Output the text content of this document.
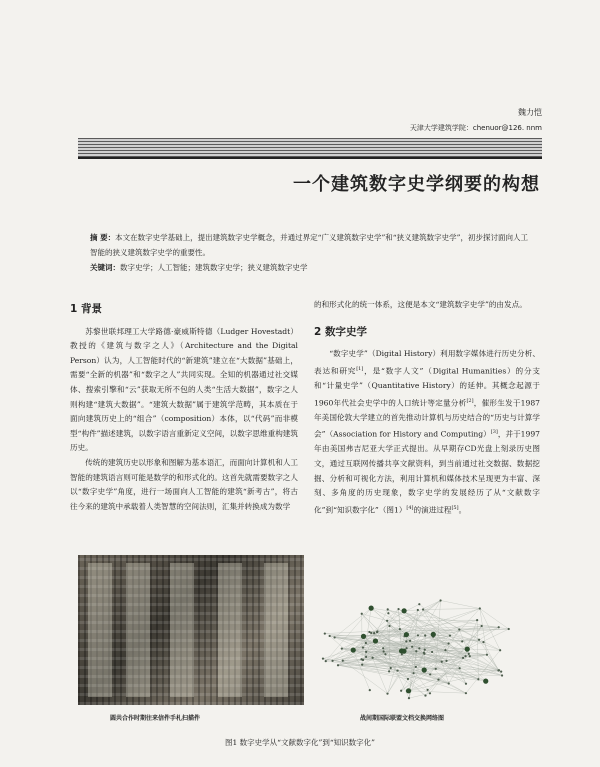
魏力恺
天津大学建筑学院：chenuor@126. nnm
一个建筑数字史学纲要的构想
摘 要：本文在数字史学基础上，提出建筑数字史学概念，并通过界定“广义建筑数字史学”和“狭义建筑数字史学”，初步探讨面向人工智能的狭义建筑数字史学的重要性。
关键词：数字史学；人工智能；建筑数字史学；狭义建筑数字史学
1 背景

苏黎世联邦理工大学路德·豪威斯特德（Ludger Hovestadt）教授的《建筑与数字之人》（Architecture and the Digital Person）认为，人工智能时代的“新建筑”建立在“大数据”基础上，需要“全新的机器”和“数字之人”共同实现。全知的机器通过社交媒体、搜索引擎和“云”获取无所不包的人类“生活大数据”，数字之人则构建“建筑大数据”。“建筑大数据”属于建筑学范畴，其本质在于面向建筑历史上的“组合”（composition）本体，以“代码”而非模型“构件”描述建筑，以数字语言重新定义空间，以数字思维重构建筑历史。

传统的建筑历史以形象和图解为基本语汇，而面向计算机和人工智能的建筑语言则可能是数学的和形式化的。这首先就需要数字之人以“数字史学”角度，进行一场面向人工智能的建筑“新考古”，将古往今来的建筑中承载着人类智慧的空间法则，汇集并转换成为数学

的和形式化的统一体系，这便是本文“建筑数字史学”的由发点。

2 数字史学

“数字史学”（Digital History）利用数字媒体进行历史分析、表达和研究[1]，是“数字人文”（Digital Humanities）的分支和“计量史学”（Quantitative History）的延伸。其概念起源于1960年代社会史学中的人口统计等定量分析[2]，催形生发于1987年美国伦敦大学建立的首先推动计算机与历史结合的“历史与计算学会”（Association for History and Computing）[3]，并于1997年由美国弗吉尼亚大学正式提出。从早期存CD光盘上刻录历史图文，通过互联网传播共享文献资料，到当前通过社交数据、数据挖掘、分析和可视化方法，利用计算机和媒体技术呈现更为丰富、深刻、多角度的历史现象，数字史学的发展经历了从“文献数字化”到“知识数字化”（图1）[4]的演进过程[5]。

圆共合作时期往来信件手札扫描件	战间期国际联盟文档交换网络图
图1 数字史学从“文献数字化”到“知识数字化”
